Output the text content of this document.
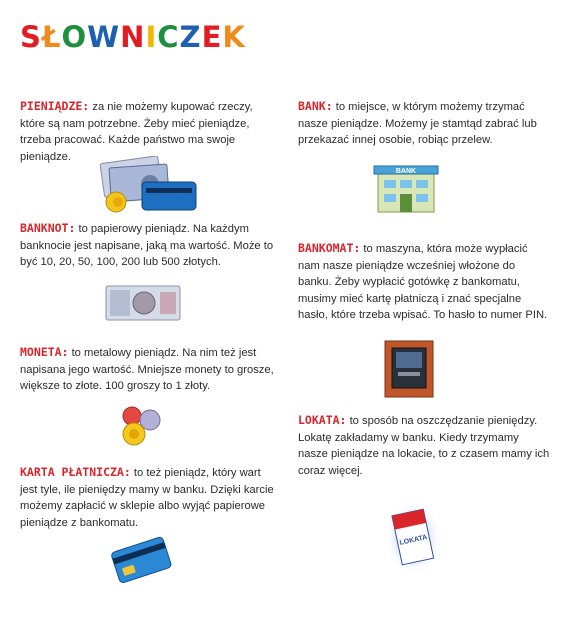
SŁOWNICZEK
PIENIĄDZE: za nie możemy kupować rzeczy, które są nam potrzebne. Żeby mieć pieniądze, trzeba pracować. Każde państwo ma swoje pieniądze.
BANKNOT: to papierowy pieniądz. Na każdym banknocie jest napisane, jaką ma wartość. Może to być 10, 20, 50, 100, 200 lub 500 złotych.
MONETA: to metalowy pieniądz. Na nim też jest napisana jego wartość. Mniejsze monety to grosze, większe to złote. 100 groszy to 1 złoty.
KARTA PŁATNICZA: to też pieniądz, który wart jest tyle, ile pieniędzy mamy w banku. Dzięki karcie możemy zapłacić w sklepie albo wyjąć papierowe pieniądze z bankomatu.
BANK: to miejsce, w którym możemy trzymać nasze pieniądze. Możemy je stamtąd zabrać lub przekazać innej osobie, robiąc przelew.
BANK
BANKOMAT: to maszyna, która może wypłacić nam nasze pieniądze wcześniej włożone do banku. Żeby wypłacić gotówkę z bankomatu, musimy mieć kartę płatniczą i znać specjalne hasło, które trzeba wpisać. To hasło to numer PIN.
LOKATA: to sposób na oszczędzanie pieniędzy. Lokatę zakładamy w banku. Kiedy trzymamy nasze pieniądze na lokacie, to z czasem mamy ich coraz więcej.
LOKATA
